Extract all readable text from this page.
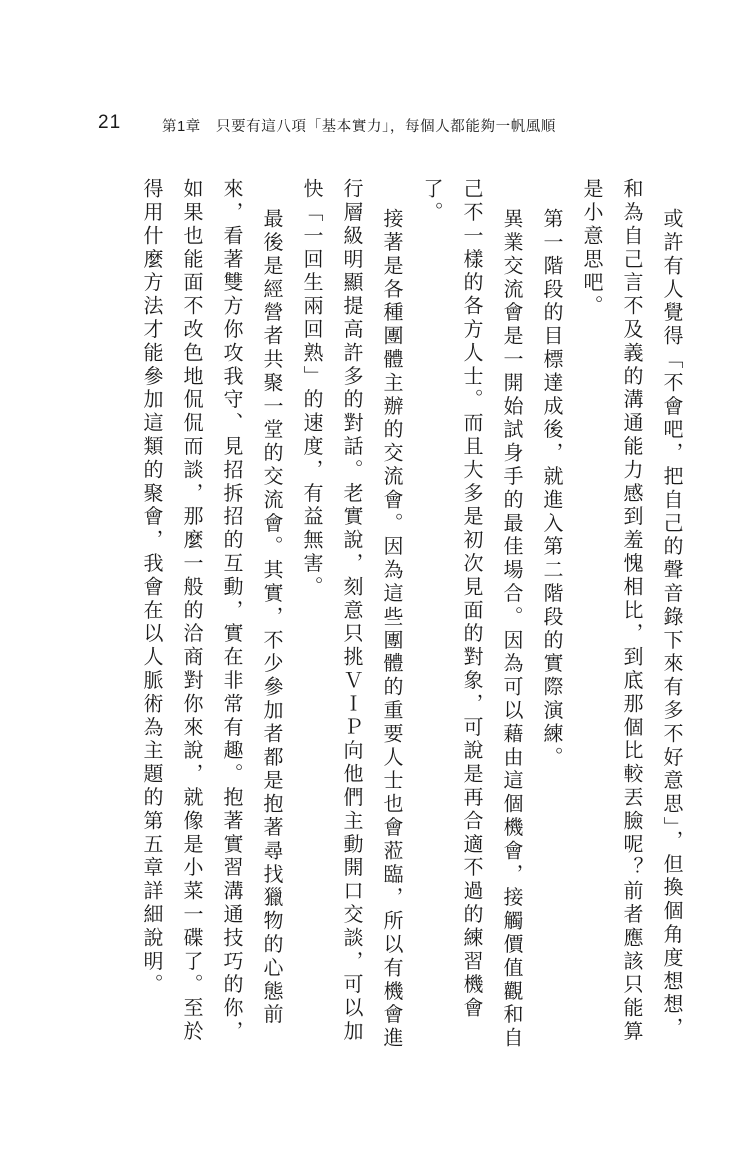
21	第1章　只要有這八項「基本實力」，每個人都能夠一帆風順

或許有人覺得「不會吧，把自己的聲音錄下來有多不好意思」，但換個角度想想，和為自己言不及義的溝通能力感到羞愧相比，到底那個比較丟臉呢？前者應該只能算是小意思吧。

第一階段的目標達成後，就進入第二階段的實際演練。

異業交流會是一開始試身手的最佳場合。因為可以藉由這個機會，接觸價值觀和自己不一樣的各方人士。而且大多是初次見面的對象，可說是再合適不過的練習機會了。

接著是各種團體主辦的交流會。因為這些團體的重要人士也會蒞臨，所以有機會進行層級明顯提高許多的對話。老實說，刻意只挑ＶＩＰ向他們主動開口交談，可以加快「一回生兩回熟」的速度，有益無害。

最後是經營者共聚一堂的交流會。其實，不少參加者都是抱著尋找獵物的心態前來，看著雙方你攻我守、見招拆招的互動，實在非常有趣。抱著實習溝通技巧的你，如果也能面不改色地侃侃而談，那麼一般的洽商對你來說，就像是小菜一碟了。至於得用什麼方法才能參加這類的聚會，我會在以人脈術為主題的第五章詳細說明。
